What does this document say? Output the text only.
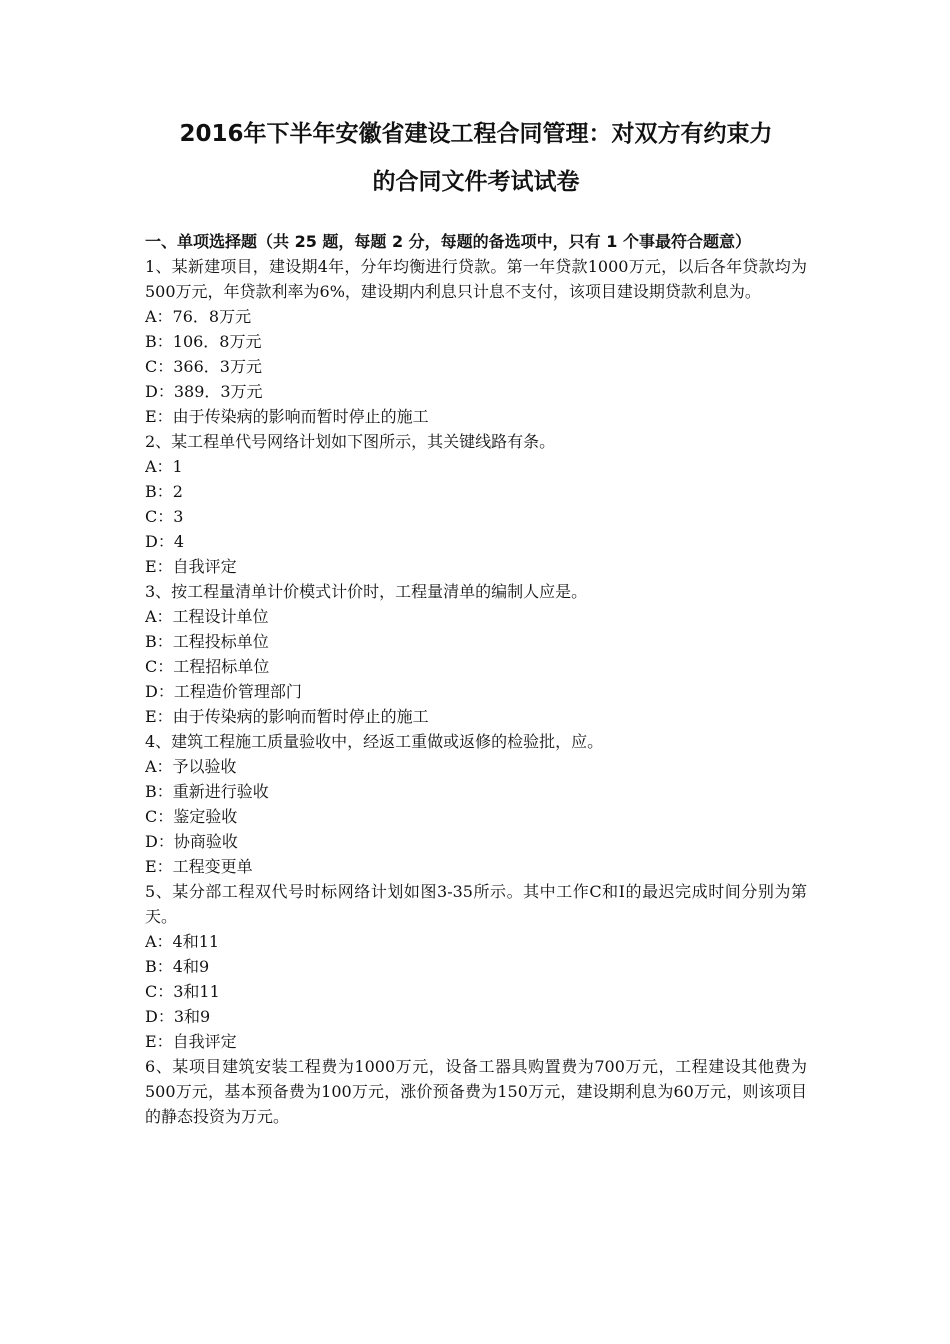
2016年下半年安徽省建设工程合同管理：对双方有约束力
的合同文件考试试卷
一、单项选择题（共 25 题，每题 2 分，每题的备选项中，只有 1 个事最符合题意）
1、某新建项目，建设期4年，分年均衡进行贷款。第一年贷款1000万元，以后各年贷款均为500万元，年贷款利率为6%，建设期内利息只计息不支付，该项目建设期贷款利息为。
A：76．8万元
B：106．8万元
C：366．3万元
D：389．3万元
E：由于传染病的影响而暂时停止的施工
2、某工程单代号网络计划如下图所示，其关键线路有条。
A：1
B：2
C：3
D：4
E：自我评定
3、按工程量清单计价模式计价时，工程量清单的编制人应是。
A：工程设计单位
B：工程投标单位
C：工程招标单位
D：工程造价管理部门
E：由于传染病的影响而暂时停止的施工
4、建筑工程施工质量验收中，经返工重做或返修的检验批，应。
A：予以验收
B：重新进行验收
C：鉴定验收
D：协商验收
E：工程变更单
5、某分部工程双代号时标网络计划如图3-35所示。其中工作C和I的最迟完成时间分别为第天。
A：4和11
B：4和9
C：3和11
D：3和9
E：自我评定
6、某项目建筑安装工程费为1000万元，设备工器具购置费为700万元，工程建设其他费为500万元，基本预备费为100万元，涨价预备费为150万元，建设期利息为60万元，则该项目的静态投资为万元。
